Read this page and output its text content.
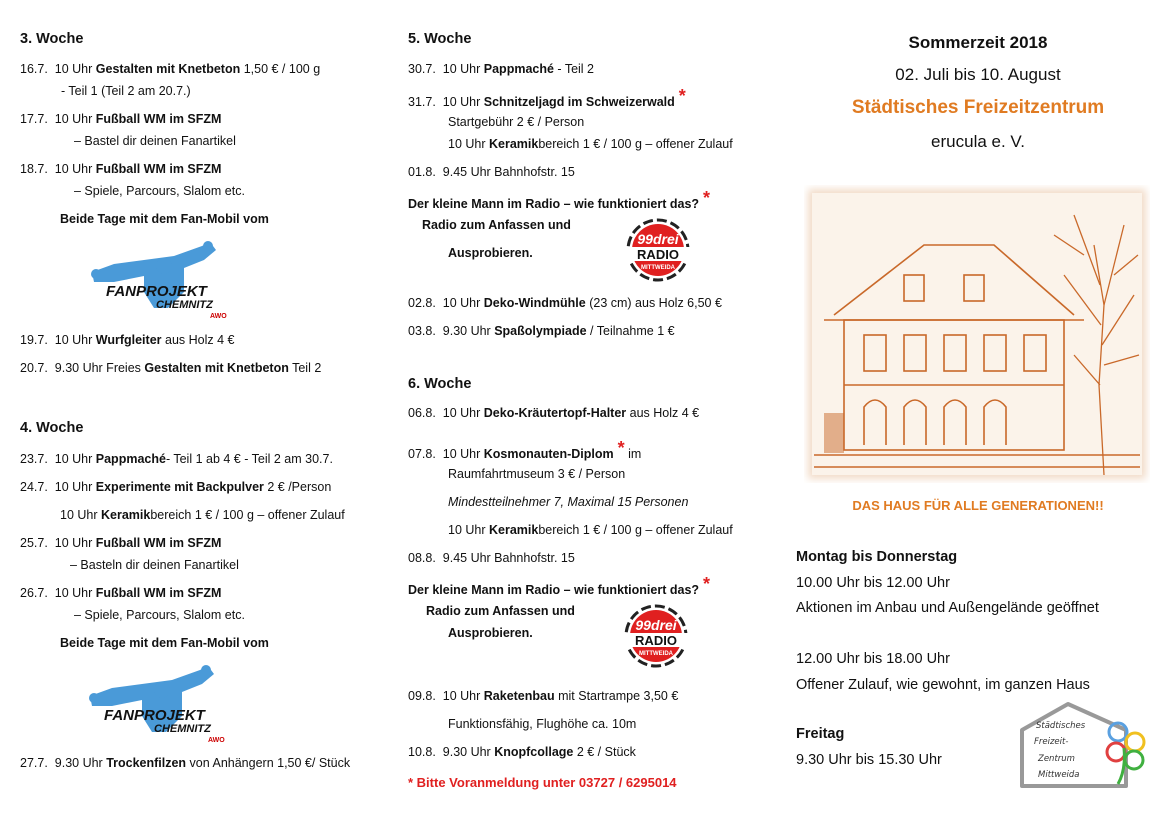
3. Woche
16.7. 10 Uhr Gestalten mit Knetbeton 1,50 € / 100 g
- Teil 1 (Teil 2 am 20.7.)
17.7. 10 Uhr Fußball WM im SFZM
– Bastel dir deinen Fanartikel
18.7. 10 Uhr Fußball WM im SFZM
– Spiele, Parcours, Slalom etc.
Beide Tage mit dem Fan-Mobil vom
FANPROJEKT
CHEMNITZ
AWO
19.7. 10 Uhr Wurfgleiter aus Holz 4 €
20.7. 9.30 Uhr Freies Gestalten mit Knetbeton Teil 2
4. Woche
23.7. 10 Uhr Pappmaché- Teil 1 ab 4 € - Teil 2 am 30.7.
24.7. 10 Uhr Experimente mit Backpulver 2 € /Person
10 Uhr Keramikbereich 1 € / 100 g – offener Zulauf
25.7. 10 Uhr Fußball WM im SFZM
– Basteln dir deinen Fanartikel
26.7. 10 Uhr Fußball WM im SFZM
– Spiele, Parcours, Slalom etc.
Beide Tage mit dem Fan-Mobil vom
FANPROJEKT
CHEMNITZ
AWO
27.7. 9.30 Uhr Trockenfilzen von Anhängern 1,50 €/ Stück
5. Woche
30.7. 10 Uhr Pappmaché - Teil 2
31.7. 10 Uhr Schnitzeljagd im Schweizerwald *
Startgebühr 2 € / Person
10 Uhr Keramikbereich 1 € / 100 g – offener Zulauf
01.8. 9.45 Uhr Bahnhofstr. 15
Der kleine Mann im Radio – wie funktioniert das? *
Radio zum Anfassen und
Ausprobieren.
99drei
RADIO
MITTWEIDA
02.8. 10 Uhr Deko-Windmühle (23 cm) aus Holz 6,50 €
03.8. 9.30 Uhr Spaßolympiade / Teilnahme 1 €
6. Woche
06.8. 10 Uhr Deko-Kräutertopf-Halter aus Holz 4 €
07.8. 10 Uhr Kosmonauten-Diplom * im
Raumfahrtmuseum 3 € / Person
Mindestteilnehmer 7, Maximal 15 Personen
10 Uhr Keramikbereich 1 € / 100 g – offener Zulauf
08.8. 9.45 Uhr Bahnhofstr. 15
Der kleine Mann im Radio – wie funktioniert das? *
Radio zum Anfassen und
Ausprobieren.	99drei
RADIO
MITTWEIDA
09.8. 10 Uhr Raketenbau mit Startrampe 3,50 €
Funktionsfähig, Flughöhe ca. 10m
10.8. 9.30 Uhr Knopfcollage 2 € / Stück
* Bitte Voranmeldung unter 03727 / 6295014
Sommerzeit 2018
02. Juli bis 10. August
Städtisches Freizeitzentrum
erucula e. V.
DAS HAUS FÜR ALLE GENERATIONEN!!
Montag bis Donnerstag
10.00 Uhr bis 12.00 Uhr
Aktionen im Anbau und Außengelände geöffnet
12.00 Uhr bis 18.00 Uhr
Offener Zulauf, wie gewohnt, im ganzen Haus
Freitag
9.30 Uhr bis 15.30 Uhr
Städtisches
Freizeit-
Zentrum
Mittweida
